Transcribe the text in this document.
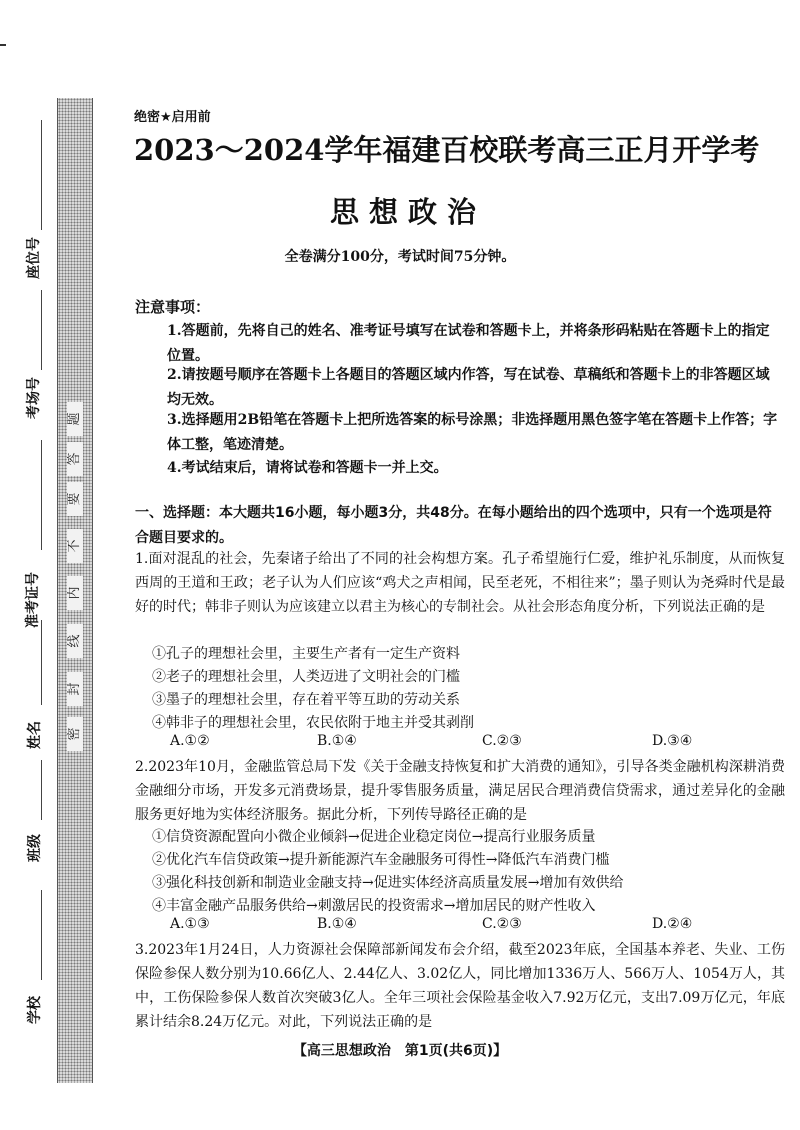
座位号
考场号
准考证号
姓名
班级
学校
题
答
要
不
内
线
封
密
绝密★启用前
2023～2024学年福建百校联考高三正月开学考
思想政治
全卷满分100分，考试时间75分钟。
注意事项：
1.答题前，先将自己的姓名、准考证号填写在试卷和答题卡上，并将条形码粘贴在答题卡上的指定位置。
2.请按题号顺序在答题卡上各题目的答题区域内作答，写在试卷、草稿纸和答题卡上的非答题区域均无效。
3.选择题用2B铅笔在答题卡上把所选答案的标号涂黑；非选择题用黑色签字笔在答题卡上作答；字体工整，笔迹清楚。
4.考试结束后，请将试卷和答题卡一并上交。
一、选择题：本大题共16小题，每小题3分，共48分。在每小题给出的四个选项中，只有一个选项是符合题目要求的。
1.面对混乱的社会，先秦诸子给出了不同的社会构想方案。孔子希望施行仁爱，维护礼乐制度，从而恢复西周的王道和王政；老子认为人们应该“鸡犬之声相闻，民至老死，不相往来”；墨子则认为尧舜时代是最好的时代；韩非子则认为应该建立以君主为核心的专制社会。从社会形态角度分析，下列说法正确的是
①孔子的理想社会里，主要生产者有一定生产资料
②老子的理想社会里，人类迈进了文明社会的门槛
③墨子的理想社会里，存在着平等互助的劳动关系
④韩非子的理想社会里，农民依附于地主并受其剥削
A.①②	B.①④	C.②③	D.③④
2.2023年10月，金融监管总局下发《关于金融支持恢复和扩大消费的通知》，引导各类金融机构深耕消费金融细分市场，开发多元消费场景，提升零售服务质量，满足居民合理消费信贷需求，通过差异化的金融服务更好地为实体经济服务。据此分析，下列传导路径正确的是
①信贷资源配置向小微企业倾斜→促进企业稳定岗位→提高行业服务质量
②优化汽车信贷政策→提升新能源汽车金融服务可得性→降低汽车消费门槛
③强化科技创新和制造业金融支持→促进实体经济高质量发展→增加有效供给
④丰富金融产品服务供给→刺激居民的投资需求→增加居民的财产性收入
A.①③	B.①④	C.②③	D.②④
3.2023年1月24日，人力资源社会保障部新闻发布会介绍，截至2023年底，全国基本养老、失业、工伤保险参保人数分别为10.66亿人、2.44亿人、3.02亿人，同比增加1336万人、566万人、1054万人，其中，工伤保险参保人数首次突破3亿人。全年三项社会保险基金收入7.92万亿元，支出7.09万亿元，年底累计结余8.24万亿元。对此，下列说法正确的是
【高三思想政治　第1页(共6页)】
